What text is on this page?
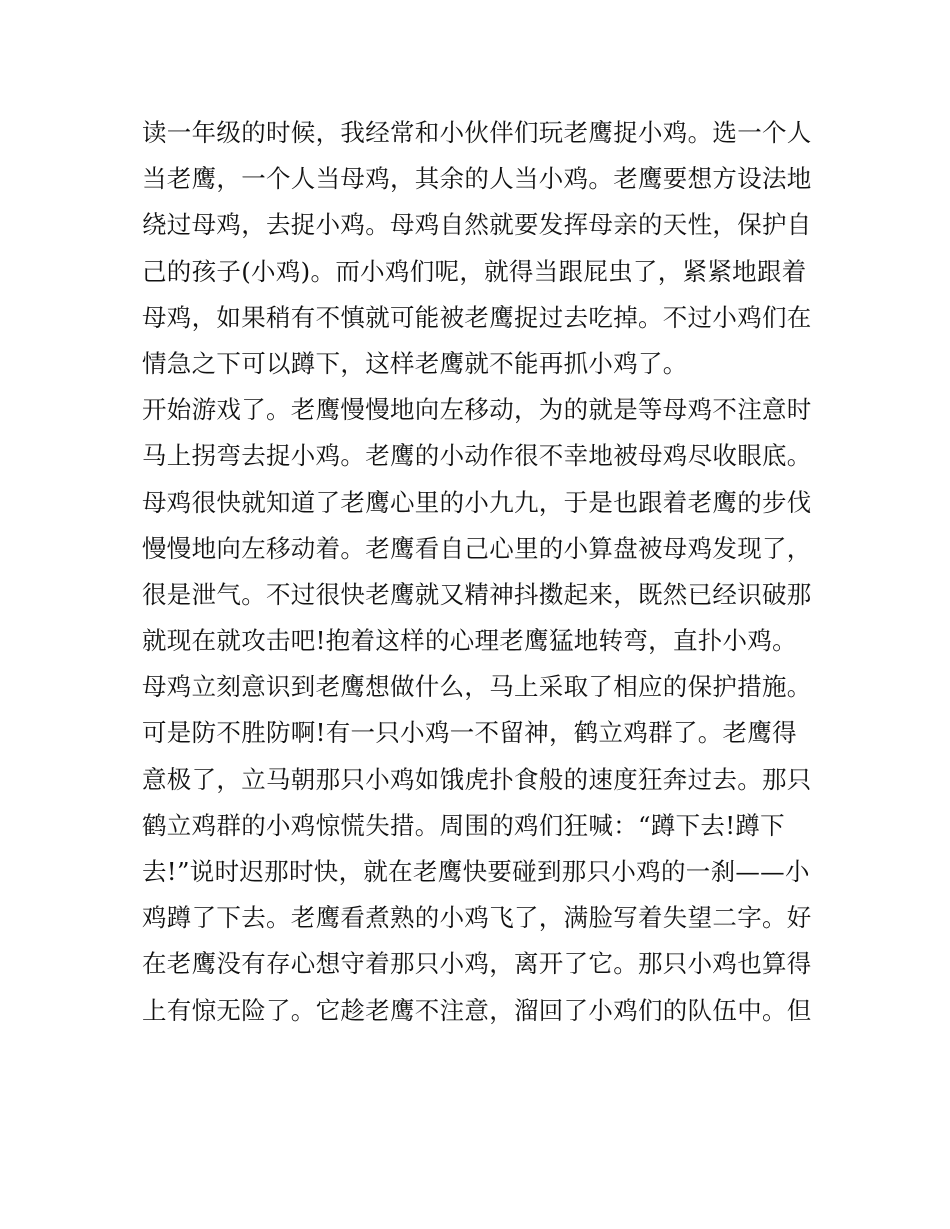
读一年级的时候，我经常和小伙伴们玩老鹰捉小鸡。选一个人
当老鹰，一个人当母鸡，其余的人当小鸡。老鹰要想方设法地
绕过母鸡，去捉小鸡。母鸡自然就要发挥母亲的天性，保护自
己的孩子(小鸡)。而小鸡们呢，就得当跟屁虫了，紧紧地跟着
母鸡，如果稍有不慎就可能被老鹰捉过去吃掉。不过小鸡们在
情急之下可以蹲下，这样老鹰就不能再抓小鸡了。
开始游戏了。老鹰慢慢地向左移动，为的就是等母鸡不注意时
马上拐弯去捉小鸡。老鹰的小动作很不幸地被母鸡尽收眼底。
母鸡很快就知道了老鹰心里的小九九，于是也跟着老鹰的步伐
慢慢地向左移动着。老鹰看自己心里的小算盘被母鸡发现了，
很是泄气。不过很快老鹰就又精神抖擞起来，既然已经识破那
就现在就攻击吧!抱着这样的心理老鹰猛地转弯，直扑小鸡。
母鸡立刻意识到老鹰想做什么，马上采取了相应的保护措施。
可是防不胜防啊!有一只小鸡一不留神，鹤立鸡群了。老鹰得
意极了，立马朝那只小鸡如饿虎扑食般的速度狂奔过去。那只
鹤立鸡群的小鸡惊慌失措。周围的鸡们狂喊：“蹲下去!蹲下
去!”说时迟那时快，就在老鹰快要碰到那只小鸡的一刹——小
鸡蹲了下去。老鹰看煮熟的小鸡飞了，满脸写着失望二字。好
在老鹰没有存心想守着那只小鸡，离开了它。那只小鸡也算得
上有惊无险了。它趁老鹰不注意，溜回了小鸡们的队伍中。但
